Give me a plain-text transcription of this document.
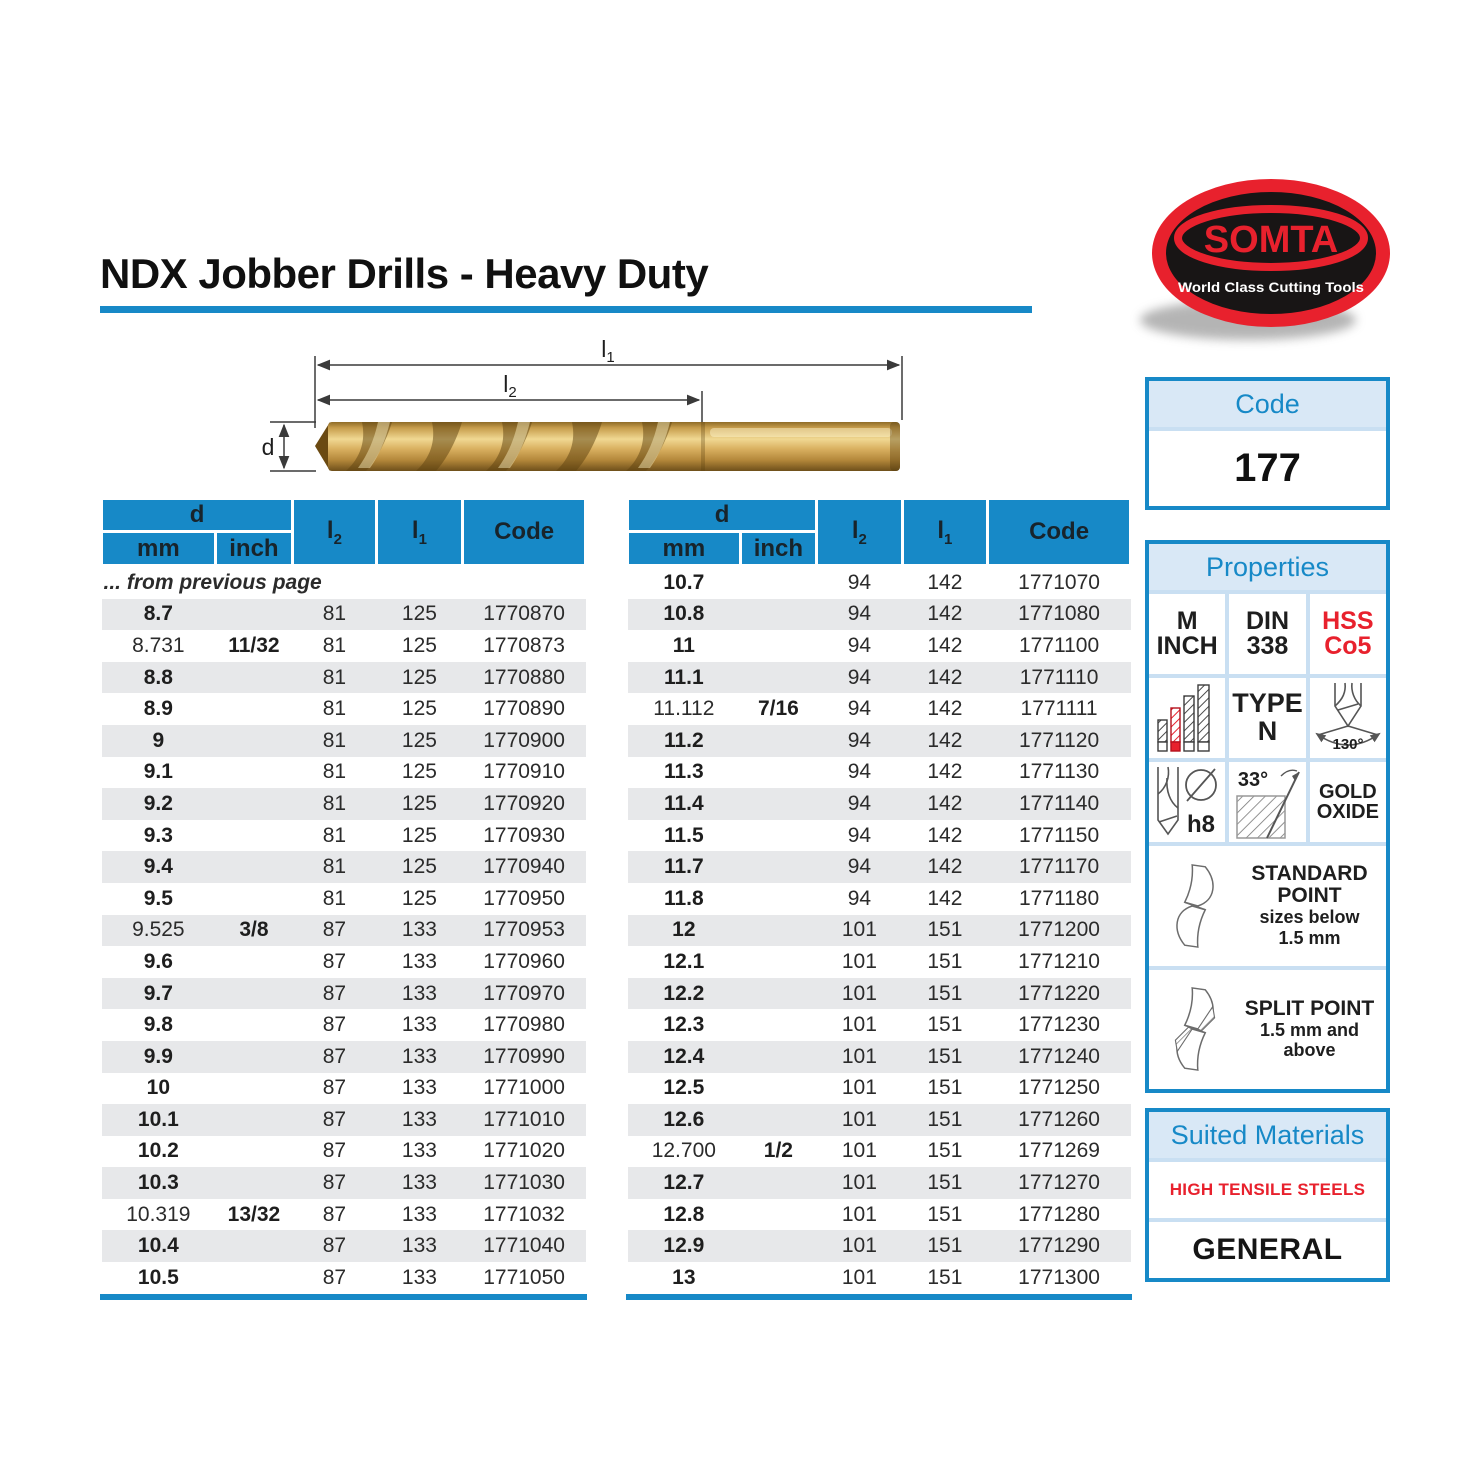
NDX Jobber Drills - Heavy Duty
SOMTA
World Class Cutting Tools
$l_1$
$l_2$
d
d		$l_2$	$l_1$	Code
mm	inch			
... from previous page				
8.7		81	125	1770870
8.731	11/32	81	125	1770873
8.8		81	125	1770880
8.9		81	125	1770890
9		81	125	1770900
9.1		81	125	1770910
9.2		81	125	1770920
9.3		81	125	1770930
9.4		81	125	1770940
9.5		81	125	1770950
9.525	3/8	87	133	1770953
9.6		87	133	1770960
9.7		87	133	1770970
9.8		87	133	1770980
9.9		87	133	1770990
10		87	133	1771000
10.1		87	133	1771010
10.2		87	133	1771020
10.3		87	133	1771030
10.319	13/32	87	133	1771032
10.4		87	133	1771040
10.5		87	133	1771050
d		$l_2$	$l_1$	Code
mm	inch			
10.7		94	142	1771070
10.8		94	142	1771080
11		94	142	1771100
11.1		94	142	1771110
11.112	7/16	94	142	1771111
11.2		94	142	1771120
11.3		94	142	1771130
11.4		94	142	1771140
11.5		94	142	1771150
11.7		94	142	1771170
11.8		94	142	1771180
12		101	151	1771200
12.1		101	151	1771210
12.2		101	151	1771220
12.3		101	151	1771230
12.4		101	151	1771240
12.5		101	151	1771250
12.6		101	151	1771260
12.700	1/2	101	151	1771269
12.7		101	151	1771270
12.8		101	151	1771280
12.9		101	151	1771290
13		101	151	1771300
Code
177
Properties
M
INCH
DIN
338
HSS
Co5
TYPE
N	130°
h8
33°
GOLD
OXIDE
STANDARD
POINT
sizes below
1.5 mm
SPLIT POINT
1.5 mm and
above
Suited Materials
HIGH TENSILE STEELS
GENERAL
